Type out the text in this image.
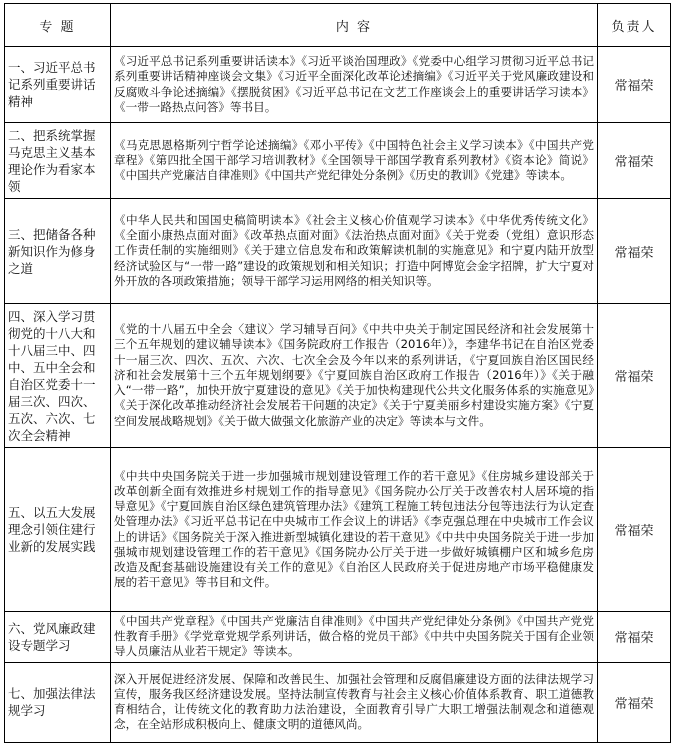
专 题	内 容	负责人
一、习近平总书记系列重要讲话精神	《习近平总书记系列重要讲话读本》《习近平谈治国理政》《党委中心组学习贯彻习近平总书记系列重要讲话精神座谈会文集》《习近平全面深化改革论述摘编》《习近平关于党风廉政建设和反腐败斗争论述摘编》《摆脱贫困》《习近平总书记在文艺工作座谈会上的重要讲话学习读本》《一带一路热点问答》等书目。	常福荣
二、把系统掌握马克思主义基本理论作为看家本领	《马克思恩格斯列宁哲学论述摘编》《邓小平传》《中国特色社会主义学习读本》《中国共产党章程》《第四批全国干部学习培训教材》《全国领导干部国学教育系列教材》《资本论》简说》《中国共产党廉洁自律准则》《中国共产党纪律处分条例》《历史的教训》《党建》等读本。	常福荣
三、把储备各种新知识作为修身之道	《中华人民共和国国史稿简明读本》《社会主义核心价值观学习读本》《中华优秀传统文化》《全面小康热点面对面》《改革热点面对面》《法治热点面对面》《关于党委（党组）意识形态工作责任制的实施细则》《关于建立信息发布和政策解读机制的实施意见》和宁夏内陆开放型经济试验区与“一带一路”建设的政策规划和相关知识；打造中阿博览会金字招牌，扩大宁夏对外开放的各项政策措施；领导干部学习运用网络的相关知识等。	常福荣
四、深入学习贯彻党的十八大和十八届三中、四中、五中全会和自治区党委十一届三次、四次、五次、六次、七次全会精神	《党的十八届五中全会〈建议〉学习辅导百问》《中共中央关于制定国民经济和社会发展第十三个五年规划的建议辅导读本》《国务院政府工作报告（2016年）》，李建华书记在自治区党委十一届三次、四次、五次、六次、七次全会及今年以来的系列讲话，《宁夏回族自治区国民经济和社会发展第十三个五年规划纲要》《宁夏回族自治区政府工作报告（2016年）》《关于融入“一带一路”，加快开放宁夏建设的意见》《关于加快构建现代公共文化服务体系的实施意见》《关于深化改革推动经济社会发展若干问题的决定》《关于宁夏美丽乡村建设实施方案》《宁夏空间发展战略规划》《关于做大做强文化旅游产业的决定》等读本与文件。	常福荣
五、以五大发展理念引领住建行业新的发展实践	《中共中央国务院关于进一步加强城市规划建设管理工作的若干意见》《住房城乡建设部关于改革创新全面有效推进乡村规划工作的指导意见》《国务院办公厅关于改善农村人居环境的指导意见》《宁夏回族自治区绿色建筑管理办法》《建筑工程施工转包违法分包等违法行为认定查处管理办法》《习近平总书记在中央城市工作会议上的讲话》《李克强总理在中央城市工作会议上的讲话》《国务院关于深入推进新型城镇化建设的若干意见》《中共中央国务院关于进一步加强城市规划建设管理工作的若干意见》《国务院办公厅关于进一步做好城镇棚户区和城乡危房改造及配套基础设施建设有关工作的意见》《自治区人民政府关于促进房地产市场平稳健康发展的若干意见》等书目和文件。	常福荣
六、党风廉政建设专题学习	《中国共产党章程》《中国共产党廉洁自律准则》《中国共产党纪律处分条例》《中国共产党党性教育手册》《学党章党规学系列讲话，做合格的党员干部》《中共中央国务院关于国有企业领导人员廉洁从业若干规定》等读本。	常福荣
七、加强法律法规学习	深入开展促进经济发展、保障和改善民生、加强社会管理和反腐倡廉建设方面的法律法规学习宣传，服务我区经济建设发展。坚持法制宣传教育与社会主义核心价值体系教育、职工道德教育相结合，让传统文化的教育助力法治建设，全面教育引导广大职工增强法制观念和道德观念，在全站形成积极向上、健康文明的道德风尚。	常福荣
